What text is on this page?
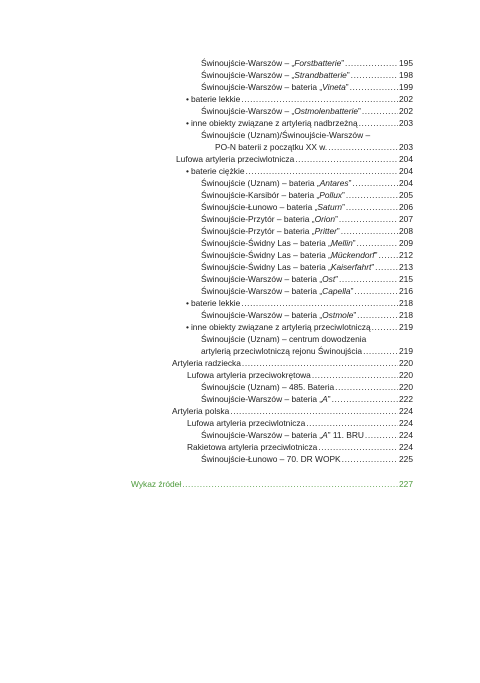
Świnoujście-Warszów – „Forstbatterie” .....	195
Świnoujście-Warszów – „Strandbatterie” .....	198
Świnoujście-Warszów – bateria „Vineta” .....	199
• baterie lekkie .....	202
Świnoujście-Warszów – „Ostmolenbatterie” .....	202
• inne obiekty związane z artylerią nadbrzeżną .....	203
Świnoujście (Uznam)/Świnoujście-Warszów –
PO-N baterii z początku XX w. .....	203
Lufowa artyleria przeciwlotnicza .....	204
• baterie ciężkie .....	204
Świnoujście (Uznam) – bateria „Antares” .....	204
Świnoujście-Karsibór – bateria „Pollux” .....	205
Świnoujście-Łunowo – bateria „Saturn” .....	206
Świnoujście-Przytór – bateria „Orion” .....	207
Świnoujście-Przytór – bateria „Pritter” .....	208
Świnoujście-Świdny Las – bateria „Mellin” .....	209
Świnoujście-Świdny Las – bateria „Mückendorf” .....	212
Świnoujście-Świdny Las – bateria „Kaiserfahrt” .....	213
Świnoujście-Warszów – bateria „Ost” .....	215
Świnoujście-Warszów – bateria „Capella” .....	216
• baterie lekkie .....	218
Świnoujście-Warszów – bateria „Ostmole” .....	218
• inne obiekty związane z artylerią przeciwlotniczą .....	219
Świnoujście (Uznam) – centrum dowodzenia
artylerią przeciwlotniczą rejonu Świnoujścia .....	219
Artyleria radziecka .....	220
Lufowa artyleria przeciwokrętowa .....	220
Świnoujście (Uznam) – 485. Bateria .....	220
Świnoujście-Warszów – bateria „A” .....	222
Artyleria polska .....	224
Lufowa artyleria przeciwlotnicza .....	224
Świnoujście-Warszów – bateria „A” 11. BRU .....	224
Rakietowa artyleria przeciwlotnicza .....	224
Świnoujście-Łunowo – 70. DR WOPK .....	225
Wykaz źródeł .....	227
